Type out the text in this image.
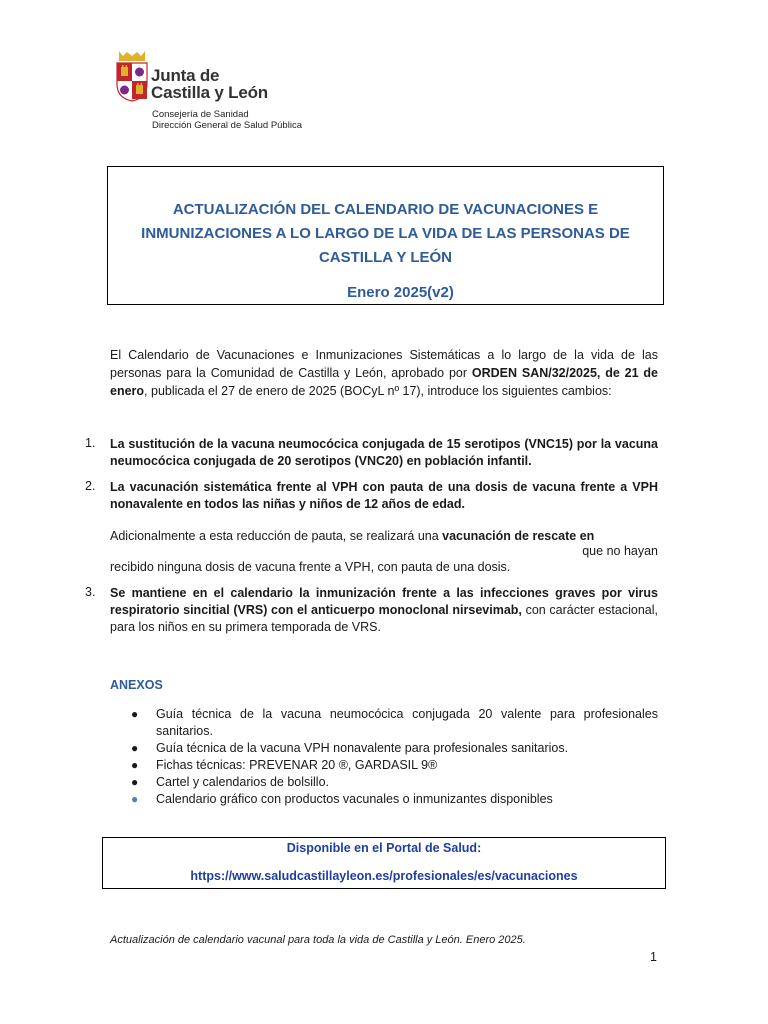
Junta de
Castilla y León
Consejería de Sanidad
Dirección General de Salud Pública
ACTUALIZACIÓN DEL CALENDARIO DE VACUNACIONES E
INMUNIZACIONES A LO LARGO DE LA VIDA DE LAS PERSONAS DE
CASTILLA Y LEÓN
Enero 2025(v2)
El Calendario de Vacunaciones e Inmunizaciones Sistemáticas a lo largo de la vida de las personas para la Comunidad de Castilla y León, aprobado por ORDEN SAN/32/2025, de 21 de enero, publicada el 27 de enero de 2025 (BOCyL nº 17), introduce los siguientes cambios:
1. La sustitución de la vacuna neumocócica conjugada de 15 serotipos (VNC15) por la vacuna neumocócica conjugada de 20 serotipos (VNC20) en población infantil.
2. La vacunación sistemática frente al VPH con pauta de una dosis de vacuna frente a VPH nonavalente en todos las niñas y niños de 12 años de edad.
Adicionalmente a esta reducción de pauta, se realizará una vacunación de rescate en
que no hayan
recibido ninguna dosis de vacuna frente a VPH, con pauta de una dosis.
3. Se mantiene en el calendario la inmunización frente a las infecciones graves por virus respiratorio sincitial (VRS) con el anticuerpo monoclonal nirsevimab, con carácter estacional, para los niños en su primera temporada de VRS.
ANEXOS
● Guía técnica de la vacuna neumocócica conjugada 20 valente para profesionales sanitarios.
● Guía técnica de la vacuna VPH nonavalente para profesionales sanitarios.
● Fichas técnicas: PREVENAR 20 ®, GARDASIL 9®
● Cartel y calendarios de bolsillo.
● Calendario gráfico con productos vacunales o inmunizantes disponibles
Disponible en el Portal de Salud:
https://www.saludcastillayleon.es/profesionales/es/vacunaciones
Actualización de calendario vacunal para toda la vida de Castilla y León. Enero 2025.
1
